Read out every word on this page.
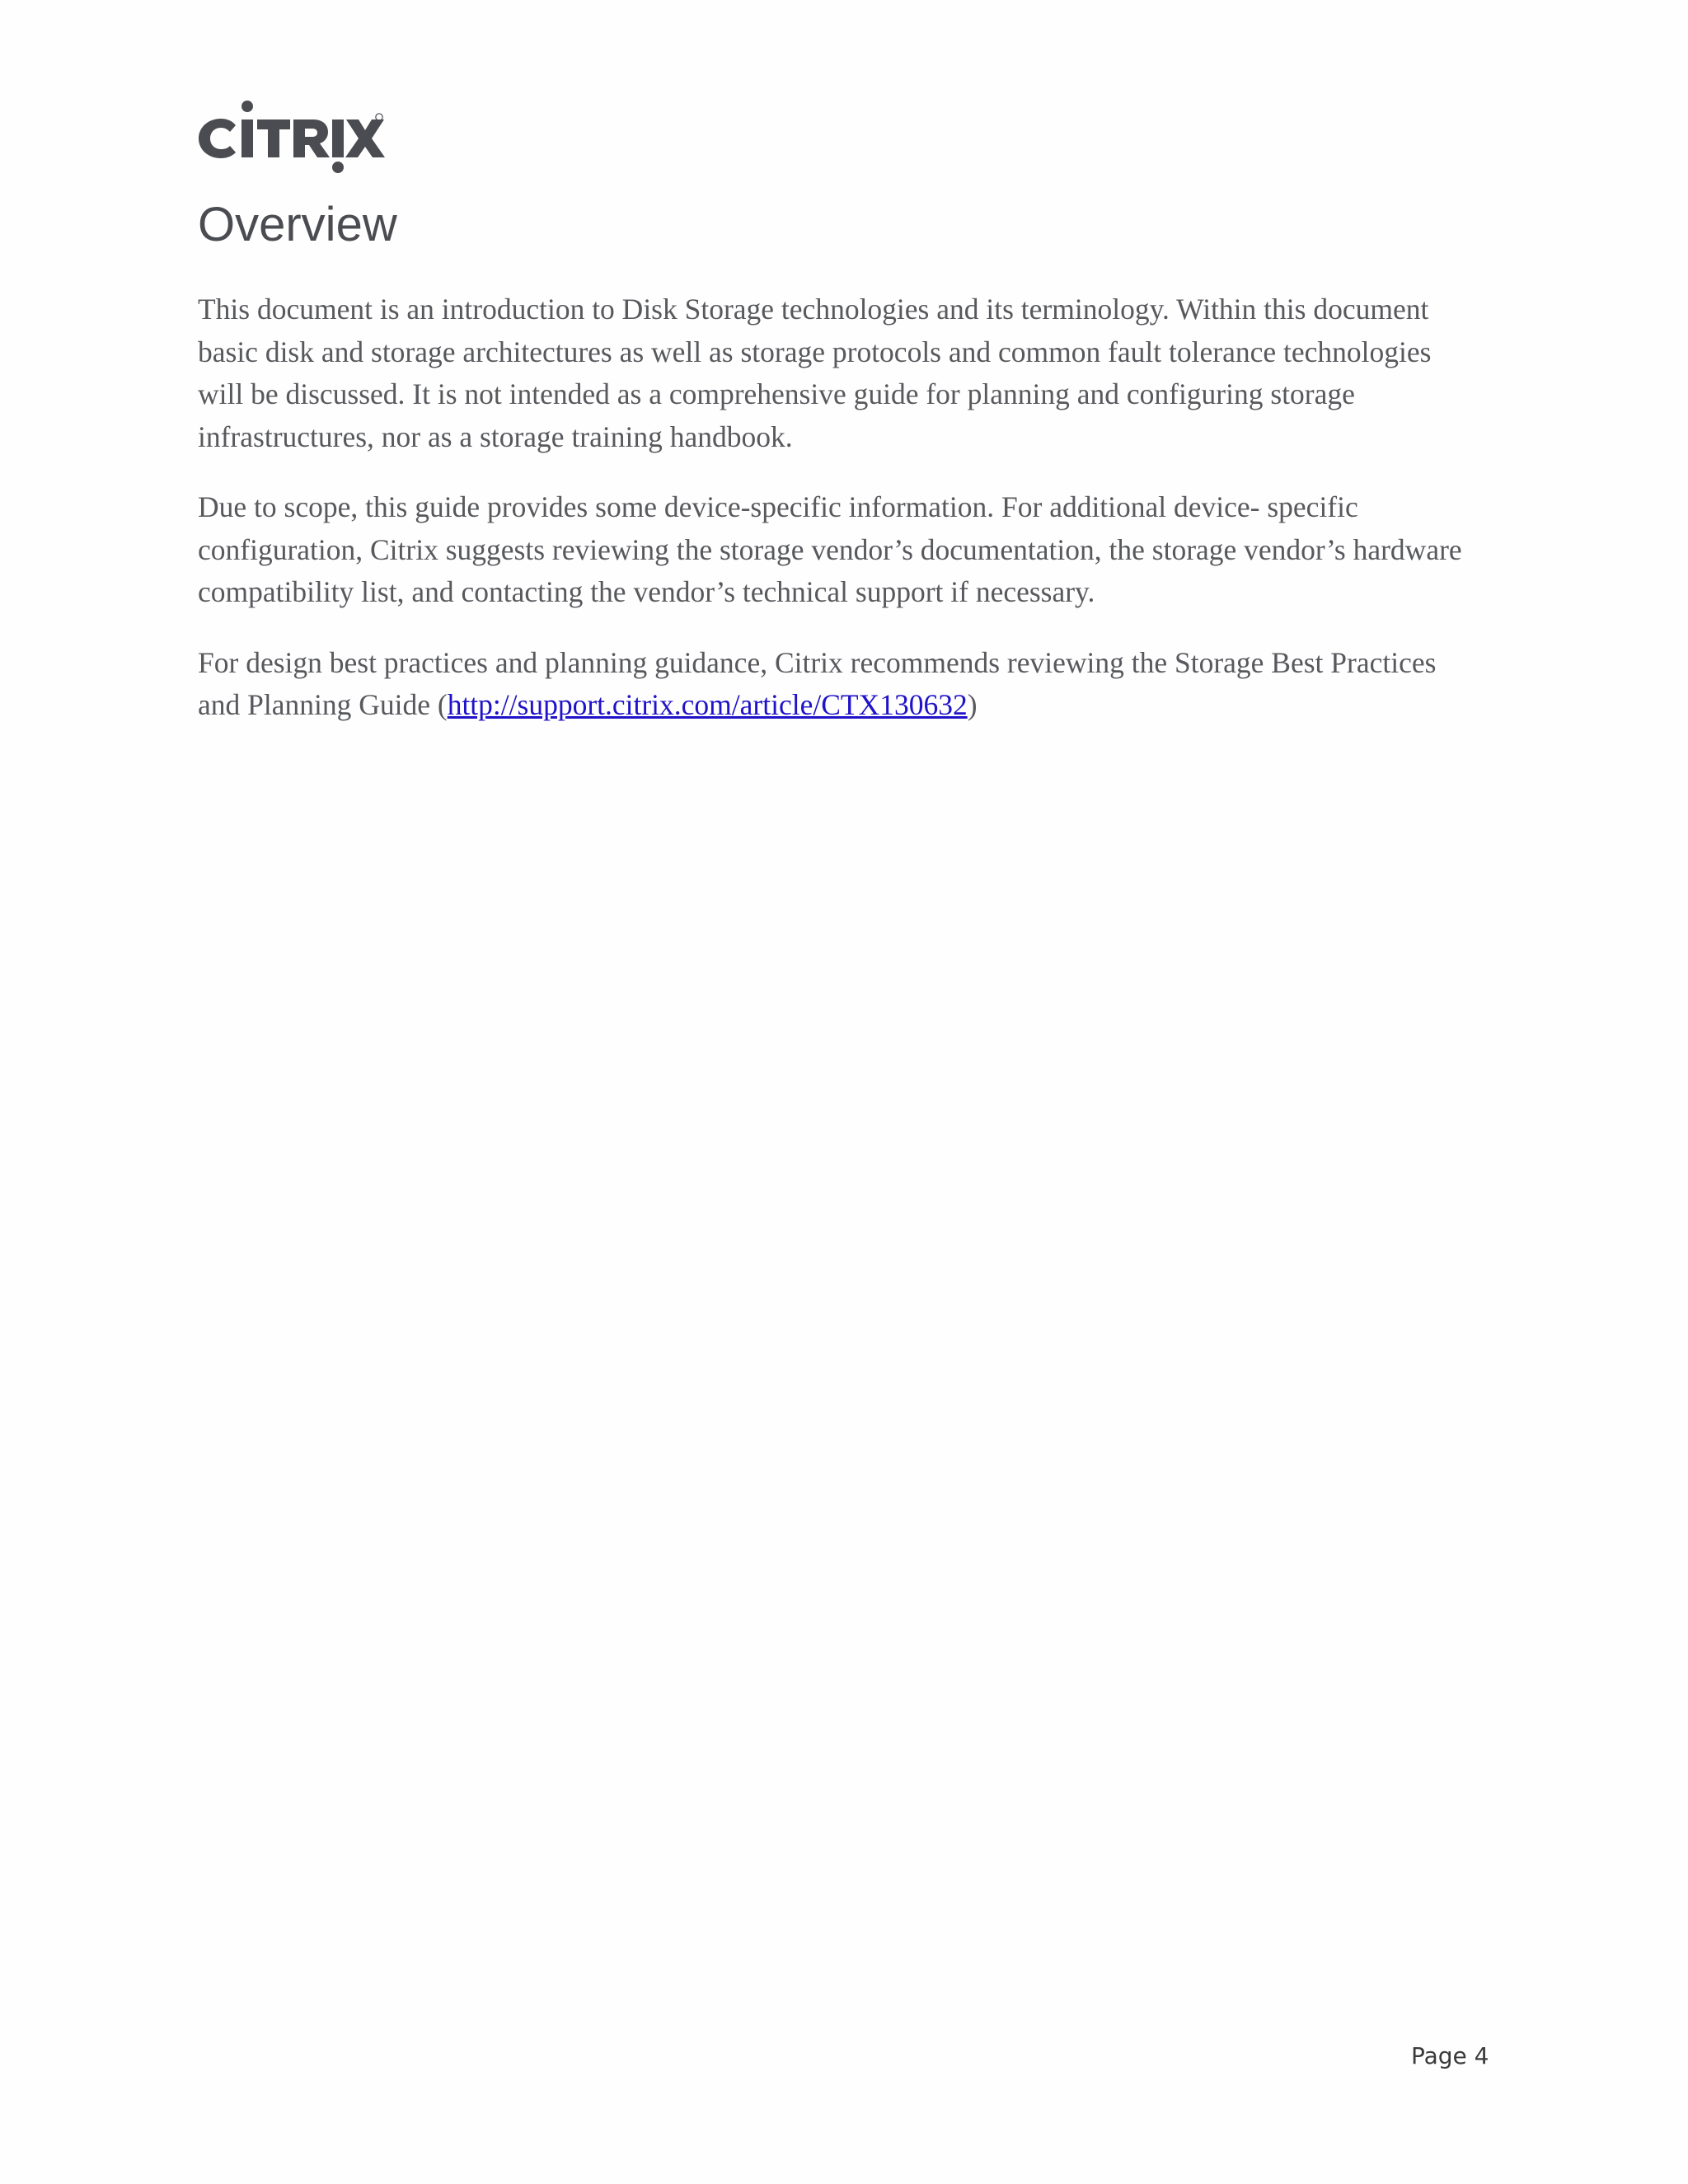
Overview

This document is an introduction to Disk Storage technologies and its terminology. Within this document basic disk and storage architectures as well as storage protocols and common fault tolerance technologies will be discussed. It is not intended as a comprehensive guide for planning and configuring storage infrastructures, nor as a storage training handbook.

Due to scope, this guide provides some device-specific information. For additional device- specific configuration, Citrix suggests reviewing the storage vendor’s documentation, the storage vendor’s hardware compatibility list, and contacting the vendor’s technical support if necessary.

For design best practices and planning guidance, Citrix recommends reviewing the Storage Best Practices and Planning Guide (http://support.citrix.com/article/CTX130632)

Page 4
